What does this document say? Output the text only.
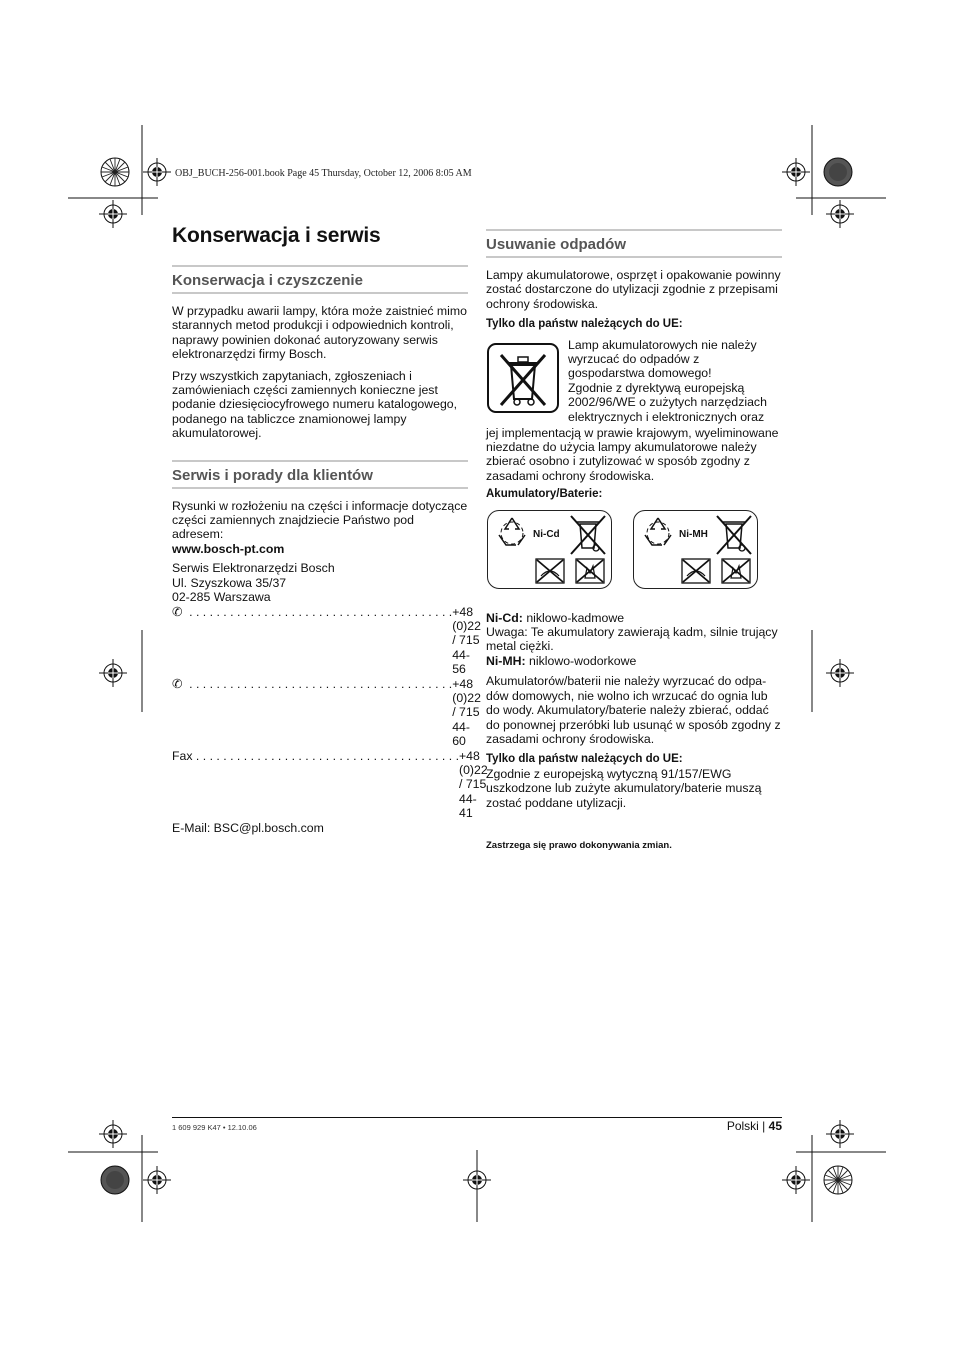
OBJ_BUCH-256-001.book Page 45 Thursday, October 12, 2006 8:05 AM
Konserwacja i serwis
Konserwacja i czyszczenie
W przypadku awarii lampy, która może zaistnieć mimo starannych metod produkcji i odpowiednich kontroli, naprawy powinien dokonać autoryzowany serwis elektronarzędzi firmy Bosch.
Przy wszystkich zapytaniach, zgłoszeniach i zamówieniach części zamiennych konieczne jest podanie dziesięciocyfrowego numeru katalogowego, podanego na tabliczce znamionowej lampy akumulatorowej.
Serwis i porady dla klientów
Rysunki w rozłożeniu na części i informacje dotyczące części zamiennych znajdziecie Państwo pod adresem:
www.bosch-pt.com
Serwis Elektronarzędzi Bosch
Ul. Szyszkowa 35/37
02-285 Warszawa
✆ . . . . . . . . . . . . . . . . . . . . . . . . . . . . . . . . . . . . . . . +48 (0)22 / 715 44-56
✆ . . . . . . . . . . . . . . . . . . . . . . . . . . . . . . . . . . . . . . . +48 (0)22 / 715 44-60
Fax . . . . . . . . . . . . . . . . . . . . . . . . . . . . . . . . . . . . . . . +48 (0)22 / 715 44-41
E-Mail: BSC@pl.bosch.com
Usuwanie odpadów
Lampy akumulatorowe, osprzęt i opakowanie powinny zostać dostarczone do utylizacji zgodnie z przepisami ochrony środowiska.
Tylko dla państw należących do UE:
Lamp akumulatorowych nie należy
wyrzucać do odpadów z
gospodarstwa domowego!
Zgodnie z dyrektywą europejską
2002/96/WE o zużytych narzędziach
elektrycznych i elektronicznych oraz
jej implementacją w prawie krajowym, wyeliminowane niezdatne do użycia lampy akumulatorowe należy zbierać osobno i zutylizować w sposób zgodny z zasadami ochrony środowiska.
Akumulatory/Baterie:
Ni-Cd	Ni-MH
Ni-Cd: niklowo-kadmowe
Uwaga: Te akumulatory zawierają kadm, silnie trujący metal ciężki.
Ni-MH: niklowo-wodorkowe
Akumulatorów/baterii nie należy wyrzucać do odpa-dów domowych, nie wolno ich wrzucać do ognia lub do wody. Akumulatory/baterie należy zbierać, oddać do ponownej przeróbki lub usunąć w sposób zgodny z zasadami ochrony środowiska.
Tylko dla państw należących do UE:
Zgodnie z europejską wytyczną 91/157/EWG uszkodzone lub zużyte akumulatory/baterie muszą zostać poddane utylizacji.
Zastrzega się prawo dokonywania zmian.
1 609 929 K47 • 12.10.06	Polski | 45
